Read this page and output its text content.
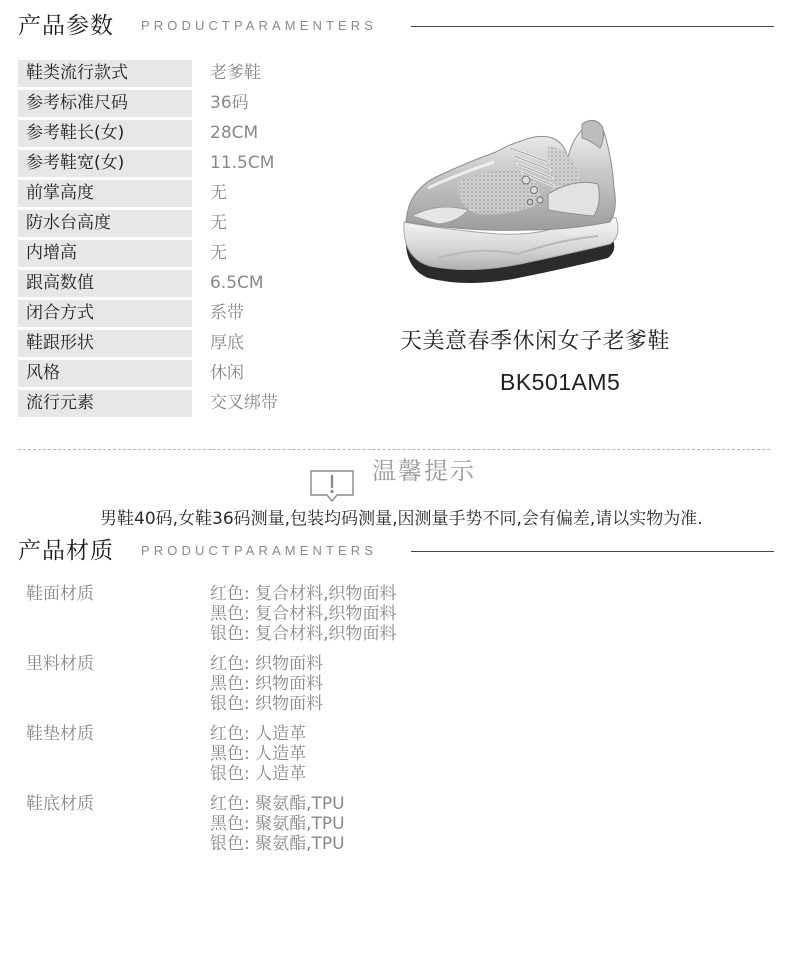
产品参数 PRODUCTPARAMENTERS
鞋类流行款式	老爹鞋
参考标准尺码	36码
参考鞋长(女)	28CM
参考鞋宽(女)	11.5CM
前掌高度	无
防水台高度	无
内增高	无
跟高数值	6.5CM
闭合方式	系带
鞋跟形状	厚底
风格	休闲
流行元素	交叉绑带
天美意春季休闲女子老爹鞋
BK501AM5
温馨提示
男鞋40码,女鞋36码测量,包装均码测量,因测量手势不同,会有偏差,请以实物为准.
产品材质 PRODUCTPARAMENTERS
鞋面材质	红色: 复合材料,织物面料
黑色: 复合材料,织物面料
银色: 复合材料,织物面料
里料材质	红色: 织物面料
黑色: 织物面料
银色: 织物面料
鞋垫材质	红色: 人造革
黑色: 人造革
银色: 人造革
鞋底材质	红色: 聚氨酯,TPU
黑色: 聚氨酯,TPU
银色: 聚氨酯,TPU
